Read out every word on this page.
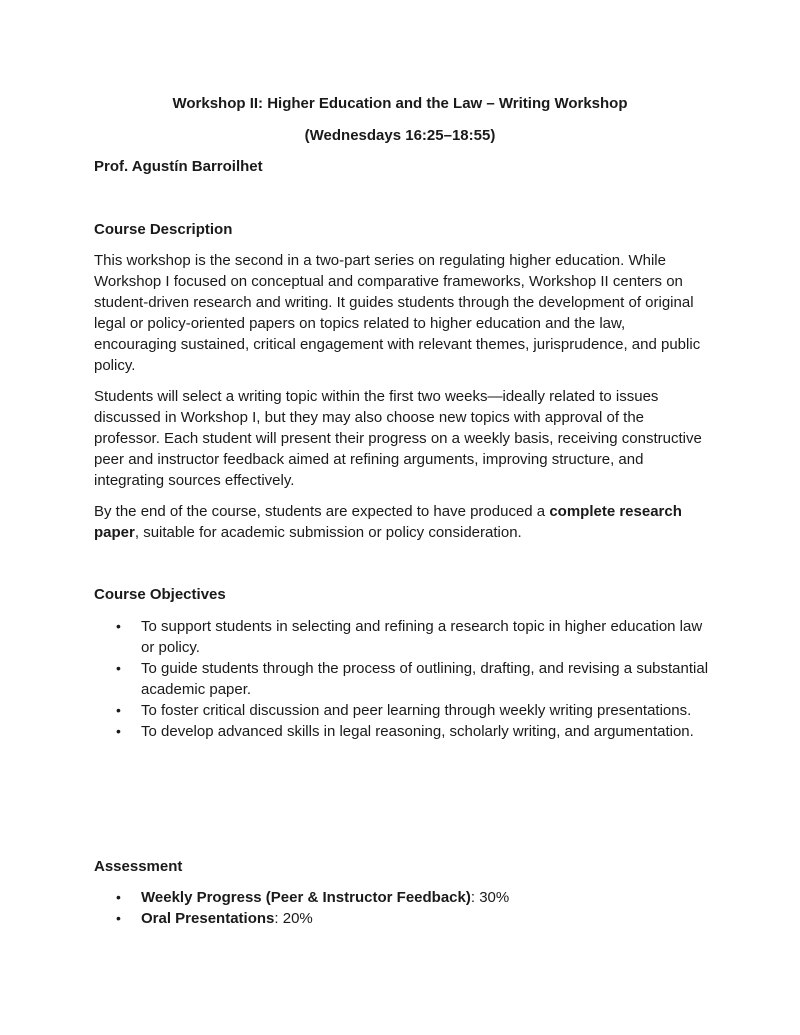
Workshop II: Higher Education and the Law – Writing Workshop
(Wednesdays 16:25–18:55)
Prof. Agustín Barroilhet
Course Description

This workshop is the second in a two-part series on regulating higher education. While Workshop I focused on conceptual and comparative frameworks, Workshop II centers on student-driven research and writing. It guides students through the development of original legal or policy-oriented papers on topics related to higher education and the law, encouraging sustained, critical engagement with relevant themes, jurisprudence, and public policy.

Students will select a writing topic within the first two weeks—ideally related to issues discussed in Workshop I, but they may also choose new topics with approval of the professor. Each student will present their progress on a weekly basis, receiving constructive peer and instructor feedback aimed at refining arguments, improving structure, and integrating sources effectively.

By the end of the course, students are expected to have produced a complete research paper, suitable for academic submission or policy consideration.

Course Objectives
• To support students in selecting and refining a research topic in higher education law or policy.
• To guide students through the process of outlining, drafting, and revising a substantial academic paper.
• To foster critical discussion and peer learning through weekly writing presentations.
• To develop advanced skills in legal reasoning, scholarly writing, and argumentation.
Assessment
• Weekly Progress (Peer & Instructor Feedback): 30%
• Oral Presentations: 20%
